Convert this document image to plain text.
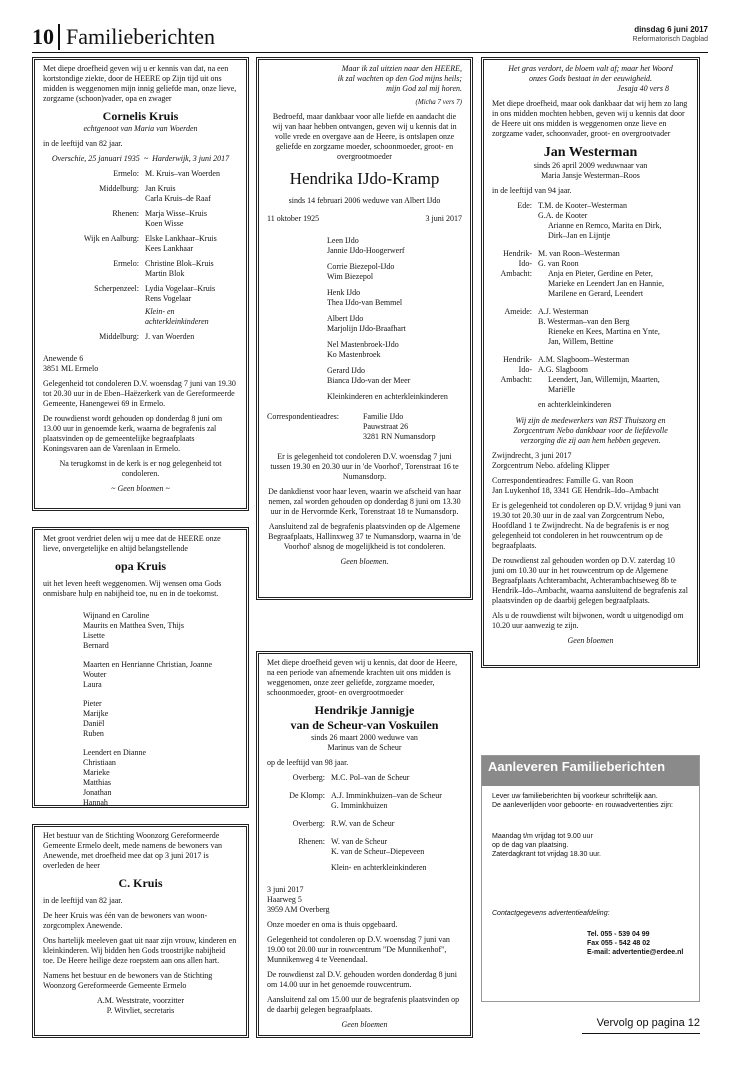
10 Familieberichten	dinsdag 6 juni 2017
Reformatorisch Dagblad

Met diepe droefheid geven wij u er kennis van dat, na een kortstondige ziekte, door de HEERE op Zijn tijd uit ons midden is weggenomen mijn innig geliefde man, onze lieve, zorgzame (schoon)vader, opa en zwager

Cornelis Kruis

echtgenoot van Maria van Woerden

in de leeftijd van 82 jaar.

Overschie, 25 januari 1935 ~ Harderwijk, 3 juni 2017

Ermelo: M. Kruis–van Woerden
Middelburg: Jan Kruis
Carla Kruis–de Raaf
Rhenen: Marja Wisse–Kruis
Koen Wisse
Wijk en Aalburg: Elske Lankhaar–Kruis
Kees Lankhaar
Ermelo: Christine Blok–Kruis
Martin Blok
Scherpenzeel: Lydia Vogelaar–Kruis
Rens Vogelaar
Klein- en achterkleinkinderen
Middelburg: J. van Woerden

Anewende 6
3851 ML Ermelo

Gelegenheid tot condoleren D.V. woensdag 7 juni van 19.30 tot 20.30 uur in de Eben–Haëzerkerk van de Gereformeerde Gemeente, Hanengewei 69 in Ermelo.

De rouwdienst wordt gehouden op donderdag 8 juni om 13.00 uur in genoemde kerk, waarna de begrafenis zal plaatsvinden op de gemeentelijke begraafplaats Koningsvaren aan de Varenlaan in Ermelo.

Na terugkomst in de kerk is er nog gelegenheid tot condoleren.

~ Geen bloemen ~

Met groot verdriet delen wij u mee dat de HEERE onze lieve, onvergetelijke en altijd belangstellende

opa Kruis

uit het leven heeft weggenomen. Wij wensen oma Gods onmisbare hulp en nabijheid toe, nu en in de toekomst.

Wijnand en Caroline
Maurits en Matthea Sven, Thijs
Lisette
Bernard
Maarten en Henrianne Christian, Joanne
Wouter
Laura
Pieter
Marijke
Daniël
Ruben
Leendert en Dianne
Christiaan
Marieke
Matthias
Jonathan
Hannah

Het bestuur van de Stichting Woonzorg Gereformeerde Gemeente Ermelo deelt, mede namens de bewoners van Anewende, met droefheid mee dat op 3 juni 2017 is overleden de heer

C. Kruis

in de leeftijd van 82 jaar.

De heer Kruis was één van de bewoners van woon-zorgcomplex Anewende.

Ons hartelijk meeleven gaat uit naar zijn vrouw, kinderen en kleinkinderen. Wij bidden hen Gods troostrijke nabijheid toe. De Heere heilige deze roepstem aan ons allen hart.

Namens het bestuur en de bewoners van de Stichting Woonzorg Gereformeerde Gemeente Ermelo

A.M. Weststrate, voorzitter
P. Witvliet, secretaris
Maar ik zal uitzien naar den HEERE,
ik zal wachten op den God mijns heils;
mijn God zal mij horen.

(Micha 7 vers 7)

Bedroefd, maar dankbaar voor alle liefde en aandacht die wij van haar hebben ontvangen, geven wij u kennis dat in volle vrede en overgave aan de Heere, is ontslapen onze geliefde en zorgzame moeder, schoonmoeder, groot- en overgrootmoeder

Hendrika IJdo-Kramp

sinds 14 februari 2006 weduwe van Albert IJdo

11 oktober 1925	3 juni 2017
Leen IJdo
Jannie IJdo-Hoogerwerf
Corrie Biezepol-IJdo
Wim Biezepol
Henk IJdo
Thea IJdo-van Bemmel
Albert IJdo
Marjolijn IJdo-Braafhart
Nel Mastenbroek-IJdo
Ko Mastenbroek
Gerard IJdo
Bianca IJdo-van der Meer
Kleinkinderen en achterkleinkinderen
Correspondentieadres:	Familie IJdo
Pauwstraat 26
3281 RN Numansdorp

Er is gelegenheid tot condoleren D.V. woensdag 7 juni tussen 19.30 en 20.30 uur in 'de Voorhof', Torenstraat 16 te Numansdorp.

De dankdienst voor haar leven, waarin we afscheid van haar nemen, zal worden gehouden op donderdag 8 juni om 13.30 uur in de Hervormde Kerk, Torenstraat 18 te Numansdorp.

Aansluitend zal de begrafenis plaatsvinden op de Algemene Begraafplaats, Hallinxweg 37 te Numansdorp, waarna in 'de Voorhof' alsnog de mogelijkheid is tot condoleren.

Geen bloemen.

Met diepe droefheid geven wij u kennis, dat door de Heere, na een periode van afnemende krachten uit ons midden is weggenomen, onze zeer geliefde, zorgzame moeder, schoonmoeder, groot- en overgrootmoeder

Hendrikje Jannigje
van de Scheur-van Voskuilen

sinds 26 maart 2000 weduwe van
Marinus van de Scheur

op de leeftijd van 98 jaar.

Overberg: M.C. Pol–van de Scheur
De Klomp: A.J. Imminkhuizen–van de Scheur
G. Imminkhuizen
Overberg: R.W. van de Scheur
Rhenen: W. van de Scheur
K. van de Scheur–Diepeveen
Klein- en achterkleinkinderen

3 juni 2017
Haarweg 5
3959 AM Overberg

Onze moeder en oma is thuis opgebaard.

Gelegenheid tot condoleren op D.V. woensdag 7 juni van 19.00 tot 20.00 uur in rouwcentrum "De Munnikenhof", Munnikenweg 4 te Veenendaal.

De rouwdienst zal D.V. gehouden worden donderdag 8 juni om 14.00 uur in het genoemde rouwcentrum.

Aansluitend zal om 15.00 uur de begrafenis plaatsvinden op de daarbij gelegen begraafplaats.

Geen bloemen

Het gras verdort, de bloem valt af; maar het Woord
onzes Gods bestaat in der eeuwigheid.

Jesaja 40 vers 8

Met diepe droefheid, maar ook dankbaar dat wij hem zo lang in ons midden mochten hebben, geven wij u kennis dat door de Heere uit ons midden is weggenomen onze lieve en zorgzame vader, schoonvader, groot- en overgrootvader

Jan Westerman

sinds 26 april 2009 weduwnaar van
Maria Jansje Westerman–Roos

in de leeftijd van 94 jaar.

Ede: T.M. de Kooter–Westerman
G.A. de Kooter
Arianne en Remco, Marita en Dirk,
Dirk–Jan en Lijntje
Hendrik-Ido-Ambacht:
M. van Roon–Westerman
G. van Roon
Anja en Pieter, Gerdine en Peter,
Marieke en Leendert Jan en Hannie,
Marilene en Gerard, Leendert
Ameide: A.J. Westerman
B. Westerman–van den Berg
Rieneke en Kees, Martina en Ynte,
Jan, Willem, Bettine
Hendrik-Ido-Ambacht:
A.M. Slagboom–Westerman
A.G. Slagboom
Leendert, Jan, Willemijn, Maarten,
Mariëlle
en achterkleinkinderen

Wij zijn de medewerkers van RST Thuiszorg en Zorgcentrum Nebo dankbaar voor de liefdevolle verzorging die zij aan hem hebben gegeven.

Zwijndrecht, 3 juni 2017
Zorgcentrum Nebo. afdeling Klipper

Correspondentieadres: Famille G. van Roon
Jan Luykenhof 18, 3341 GE Hendrik–Ido–Ambacht

Er is gelegenheid tot condoleren op D.V. vrijdag 9 juni van 19.30 tot 20.30 uur in de zaal van Zorgcentrum Nebo, Hoofdland 1 te Zwijndrecht. Na de begrafenis is er nog gelegenheid tot condoleren in het rouwcentrum op de begraafplaats.

De rouwdienst zal gehouden worden op D.V. zaterdag 10 juni om 10.30 uur in het rouwcentrum op de Algemene Begraafplaats Achterambacht, Achterambachtseweg 8b te Hendrik–Ido–Ambacht, waarna aansluitend de begrafenis zal plaatsvinden op de daarbij gelegen begraafplaats.

Als u de rouwdienst wilt bijwonen, wordt u uitgenodigd om 10.20 uur aanwezig te zijn.

Geen bloemen

Aanleveren Familieberichten
Lever uw familieberichten bij voorkeur schriftelijk aan.
De aanleverlijden voor geboorte- en rouwadvertenties zijn:
Maandag t/m vrijdag tot 9.00 uur
op de dag van plaatsing.
Zaterdagkrant tot vrijdag 18.30 uur.
Contactgegevens advertentieafdeling:
Tel. 055 - 539 04 99
Fax 055 - 542 48 02
E-mail: advertentie@erdee.nl
Vervolg op pagina 12
